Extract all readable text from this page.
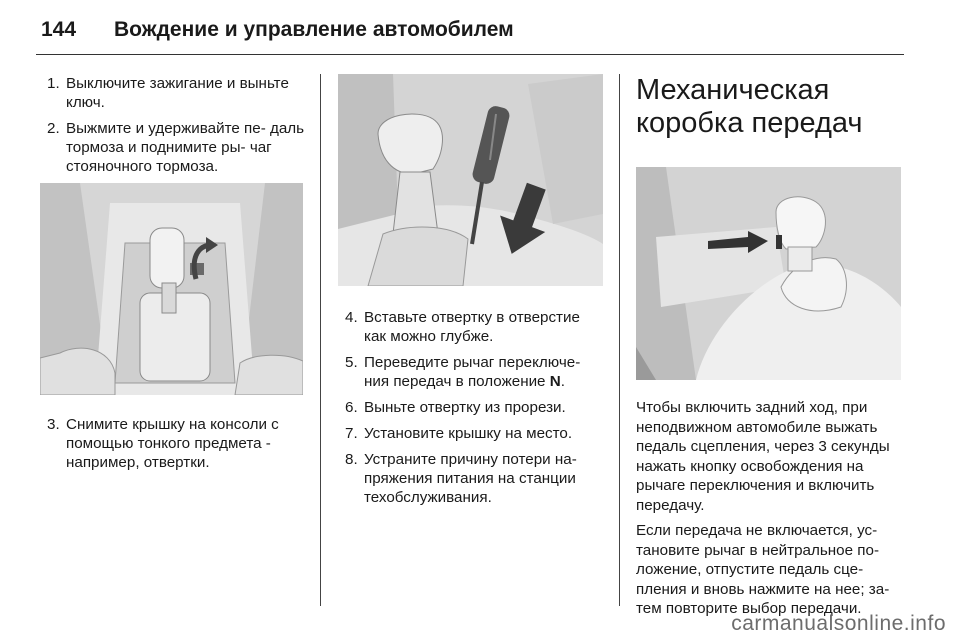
144 Вождение и управление автомобилем
1. Выключите зажигание и выньте ключ.
2. Выжмите и удерживайте пе- даль тормоза и поднимите ры- чаг стояночного тормоза.
3. Снимите крышку на консоли с помощью тонкого предмета - например, отвертки.
4. Вставьте отвертку в отверстие как можно глубже.
5. Переведите рычаг переключе- ния передач в положение N.
6. Выньте отвертку из прорези.
7. Установите крышку на место.
8. Устраните причину потери на- пряжения питания на станции техобслуживания.
Механическая
коробка передач

Чтобы включить задний ход, при неподвижном автомобиле выжать педаль сцепления, через 3 секунды нажать кнопку освобождения на рычаге переключения и включить передачу.

Если передача не включается, ус- тановите рычаг в нейтральное по- ложение, отпустите педаль сце- пления и вновь нажмите на нее; за- тем повторите выбор передачи.

carmanualsonline.info
